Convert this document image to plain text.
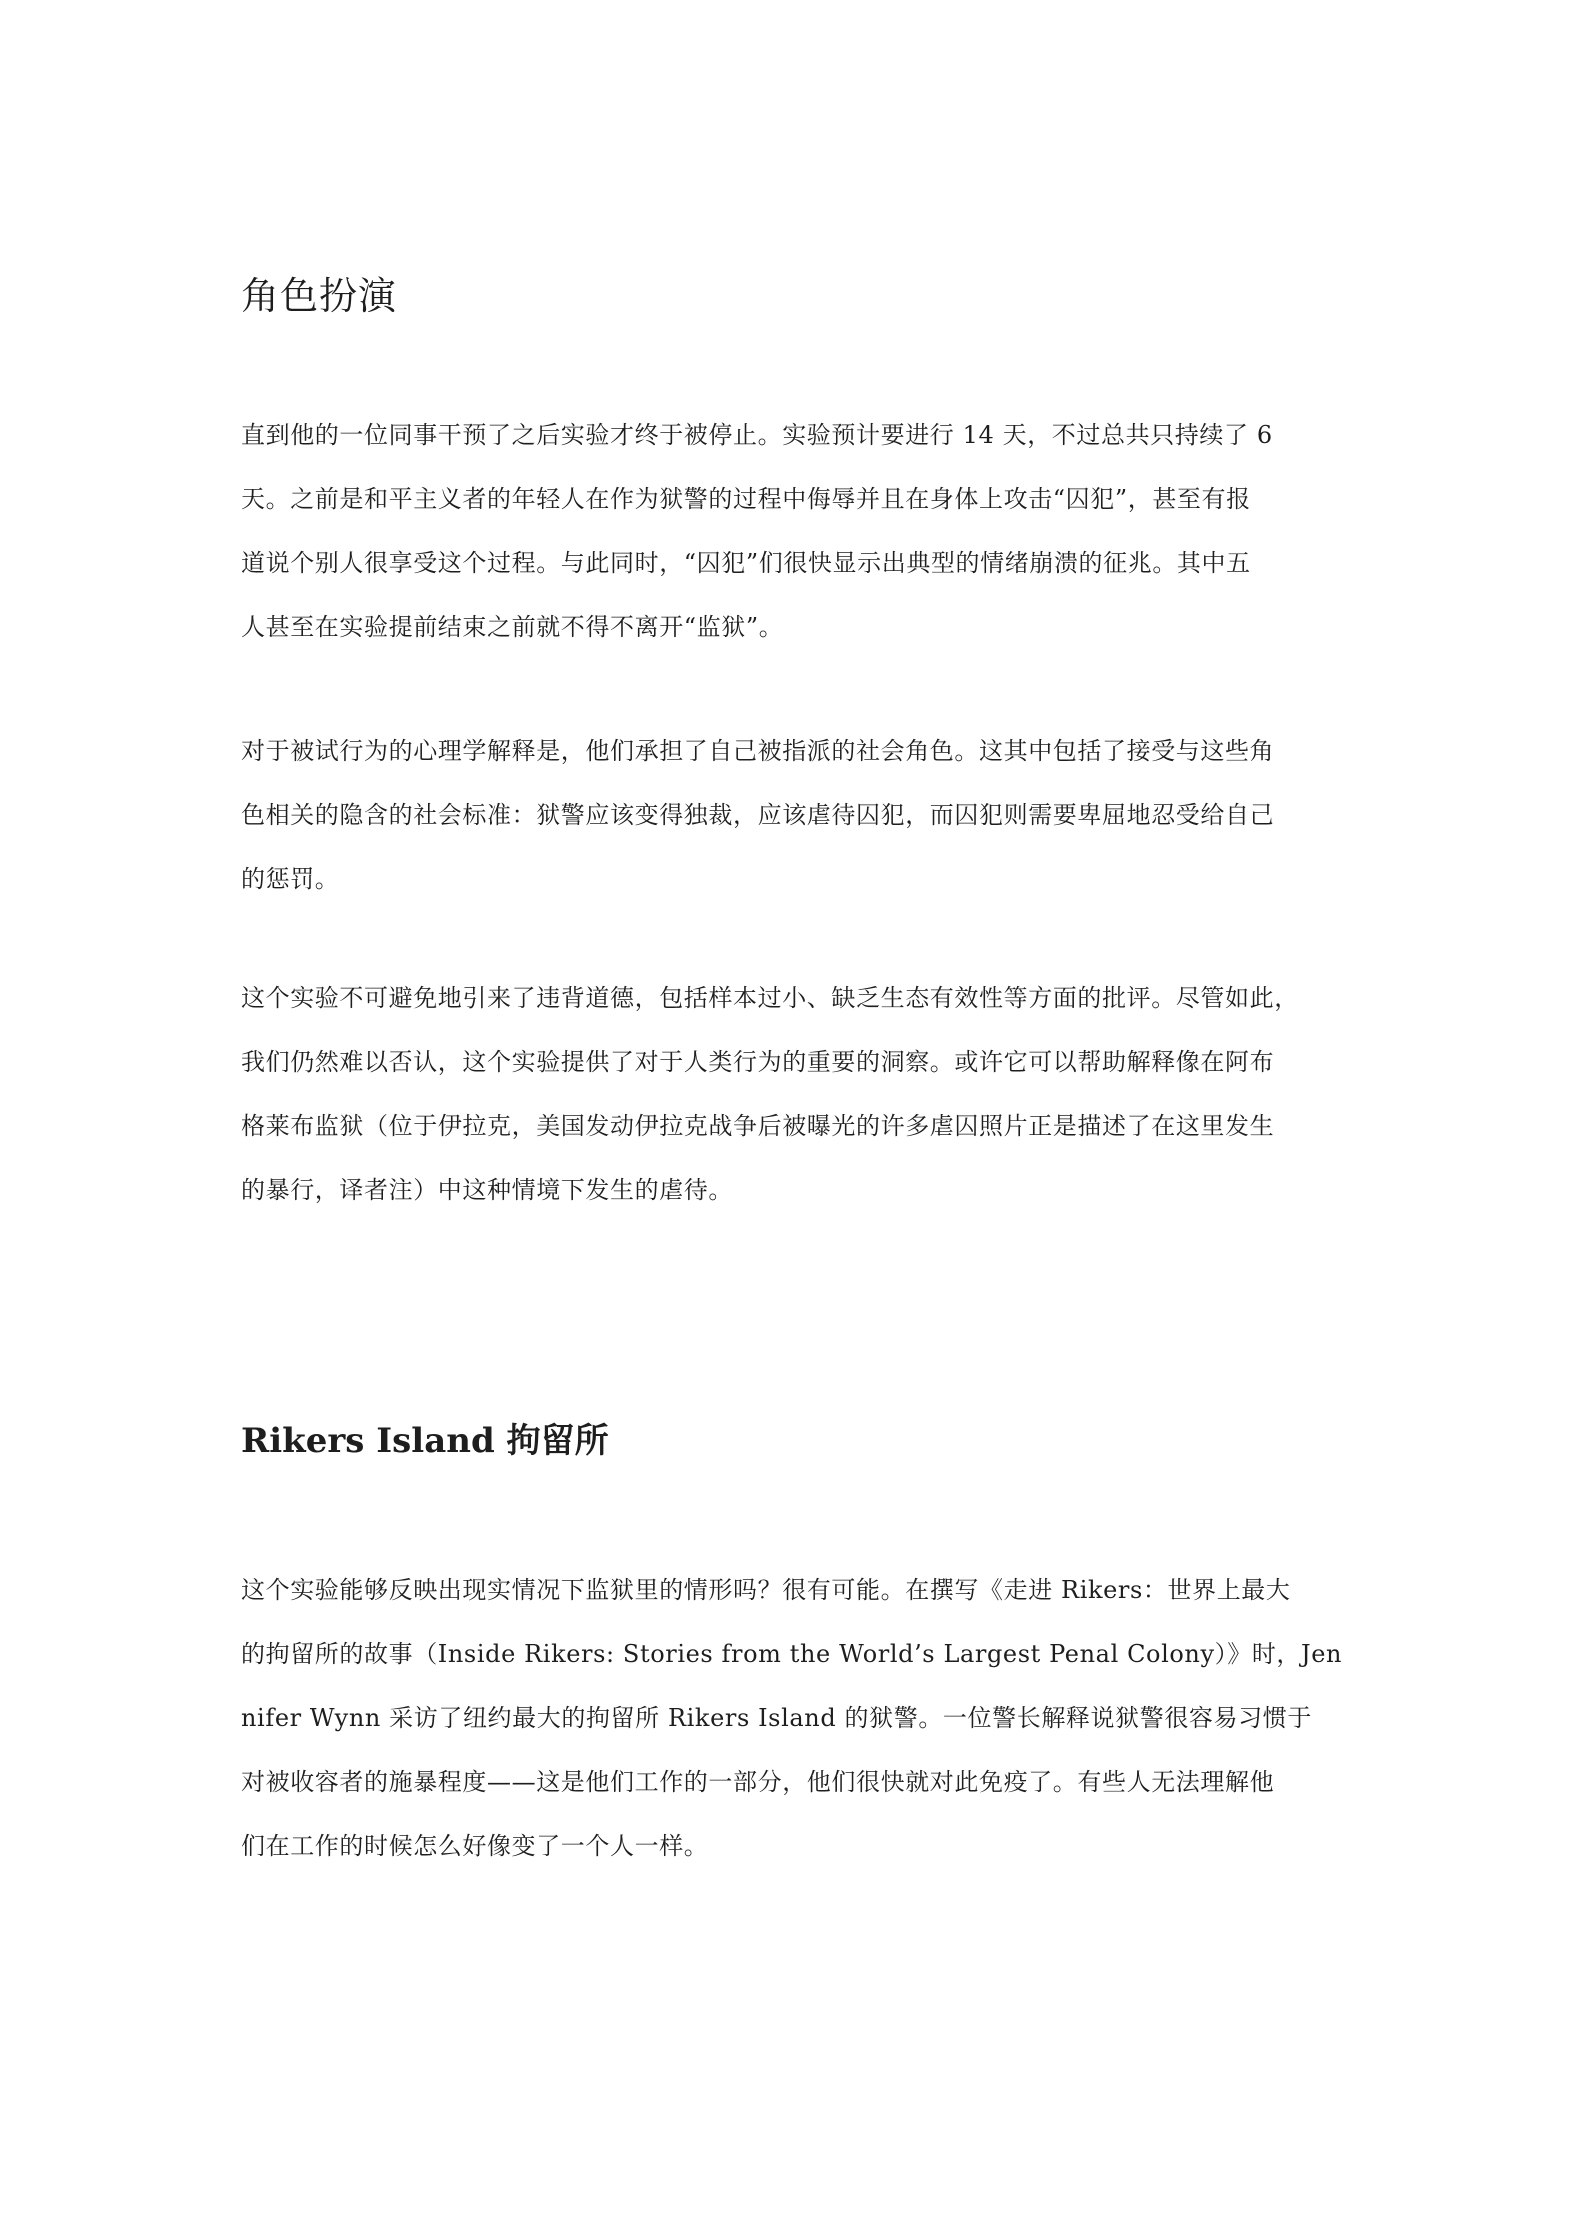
角色扮演

直到他的一位同事干预了之后实验才终于被停止。实验预计要进行 14 天，不过总共只持续了 6
天。之前是和平主义者的年轻人在作为狱警的过程中侮辱并且在身体上攻击“囚犯”，甚至有报
道说个别人很享受这个过程。与此同时，“囚犯”们很快显示出典型的情绪崩溃的征兆。其中五
人甚至在实验提前结束之前就不得不离开“监狱”。

对于被试行为的心理学解释是，他们承担了自己被指派的社会角色。这其中包括了接受与这些角
色相关的隐含的社会标准：狱警应该变得独裁，应该虐待囚犯，而囚犯则需要卑屈地忍受给自己
的惩罚。

这个实验不可避免地引来了违背道德，包括样本过小、缺乏生态有效性等方面的批评。尽管如此，
我们仍然难以否认，这个实验提供了对于人类行为的重要的洞察。或许它可以帮助解释像在阿布
格莱布监狱（位于伊拉克，美国发动伊拉克战争后被曝光的许多虐囚照片正是描述了在这里发生
的暴行，译者注）中这种情境下发生的虐待。

Rikers Island 拘留所

这个实验能够反映出现实情况下监狱里的情形吗？很有可能。在撰写《走进 Rikers：世界上最大
的拘留所的故事（Inside Rikers: Stories from the World’s Largest Penal Colony）》时，Jen
nifer Wynn 采访了纽约最大的拘留所 Rikers Island 的狱警。一位警长解释说狱警很容易习惯于
对被收容者的施暴程度——这是他们工作的一部分，他们很快就对此免疫了。有些人无法理解他
们在工作的时候怎么好像变了一个人一样。
